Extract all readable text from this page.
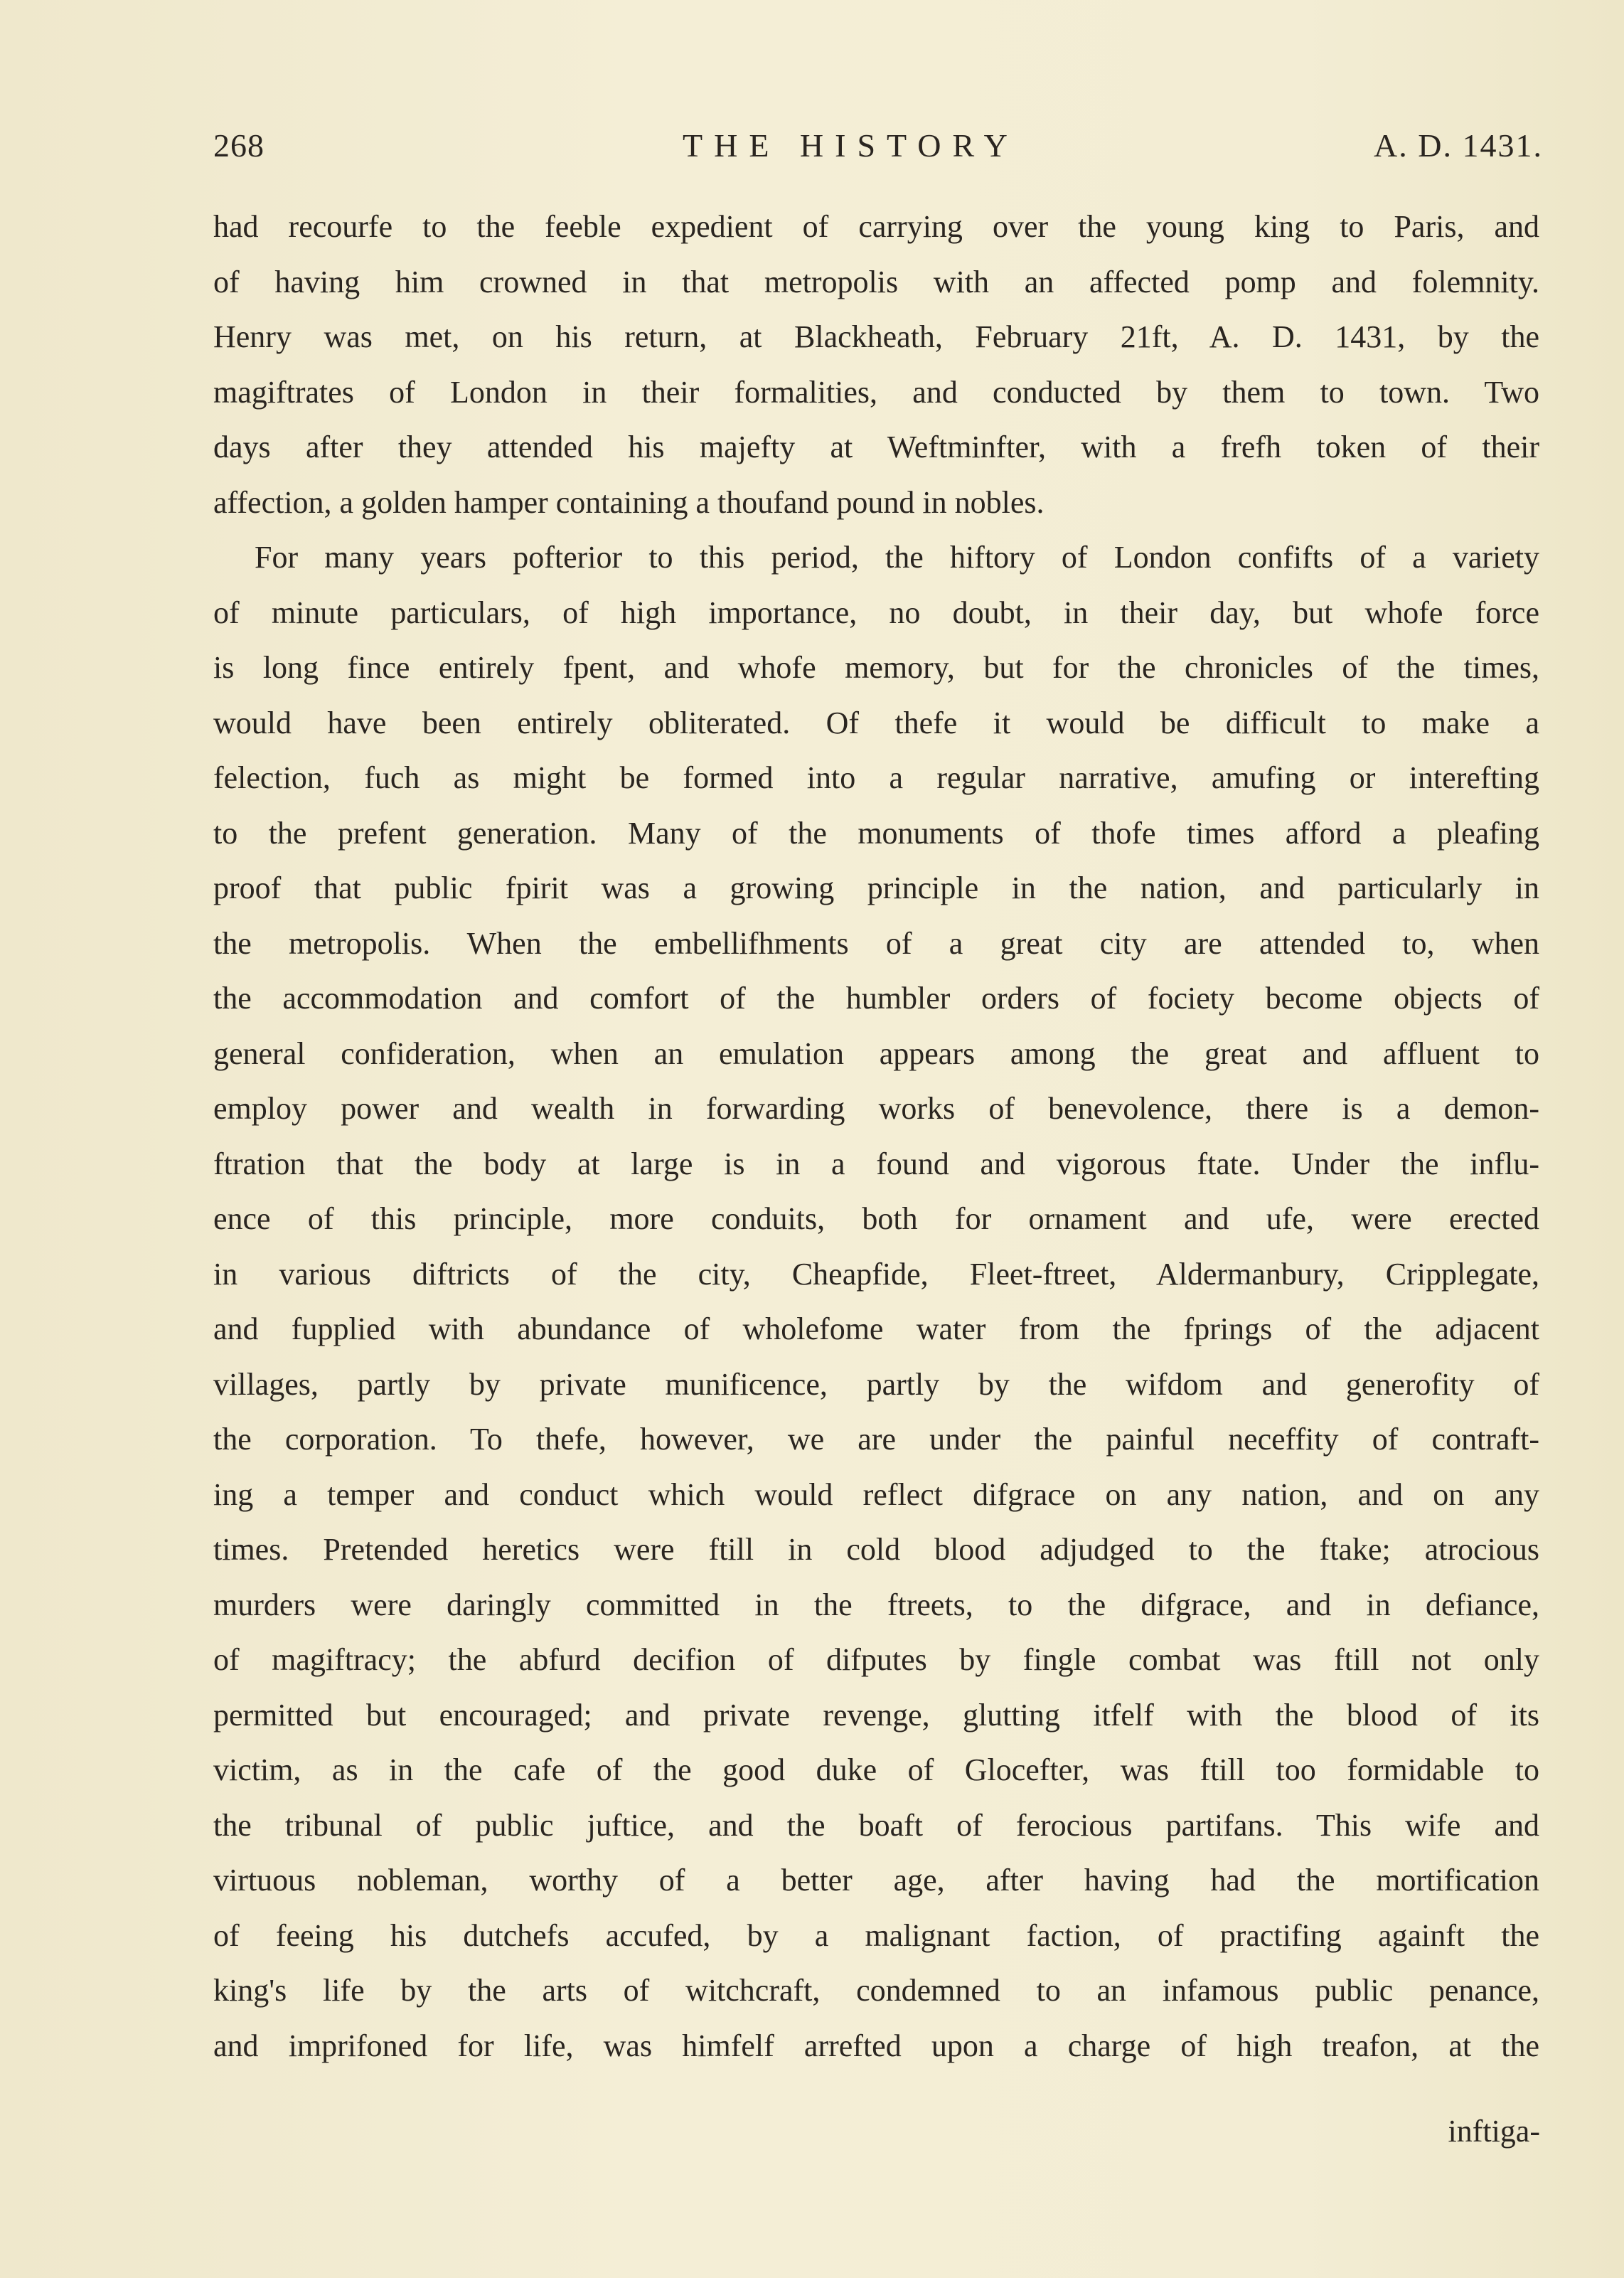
268	THE HISTORY	A. D. 1431.
had recourfe to the feeble expedient of carrying over the young king to Paris, and
of having him crowned in that metropolis with an affected pomp and folemnity.
Henry was met, on his return, at Blackheath, February 21ft, A. D. 1431, by the
magiftrates of London in their formalities, and conducted by them to town. Two
days after they attended his majefty at Weftminfter, with a frefh token of their
affection, a golden hamper containing a thoufand pound in nobles.
For many years pofterior to this period, the hiftory of London confifts of a variety
of minute particulars, of high importance, no doubt, in their day, but whofe force
is long fince entirely fpent, and whofe memory, but for the chronicles of the times,
would have been entirely obliterated. Of thefe it would be difficult to make a
felection, fuch as might be formed into a regular narrative, amufing or interefting
to the prefent generation. Many of the monuments of thofe times afford a pleafing
proof that public fpirit was a growing principle in the nation, and particularly in
the metropolis. When the embellifhments of a great city are attended to, when
the accommodation and comfort of the humbler orders of fociety become objects of
general confideration, when an emulation appears among the great and affluent to
employ power and wealth in forwarding works of benevolence, there is a demon-
ftration that the body at large is in a found and vigorous ftate. Under the influ-
ence of this principle, more conduits, both for ornament and ufe, were erected
in various diftricts of the city, Cheapfide, Fleet-ftreet, Aldermanbury, Cripplegate,
and fupplied with abundance of wholefome water from the fprings of the adjacent
villages, partly by private munificence, partly by the wifdom and generofity of
the corporation. To thefe, however, we are under the painful neceffity of contraft-
ing a temper and conduct which would reflect difgrace on any nation, and on any
times. Pretended heretics were ftill in cold blood adjudged to the ftake; atrocious
murders were daringly committed in the ftreets, to the difgrace, and in defiance,
of magiftracy; the abfurd decifion of difputes by fingle combat was ftill not only
permitted but encouraged; and private revenge, glutting itfelf with the blood of its
victim, as in the cafe of the good duke of Glocefter, was ftill too formidable to
the tribunal of public juftice, and the boaft of ferocious partifans. This wife and
virtuous nobleman, worthy of a better age, after having had the mortification
of feeing his dutchefs accufed, by a malignant faction, of practifing againft the
king's life by the arts of witchcraft, condemned to an infamous public penance,
and imprifoned for life, was himfelf arrefted upon a charge of high treafon, at the
inftiga-
